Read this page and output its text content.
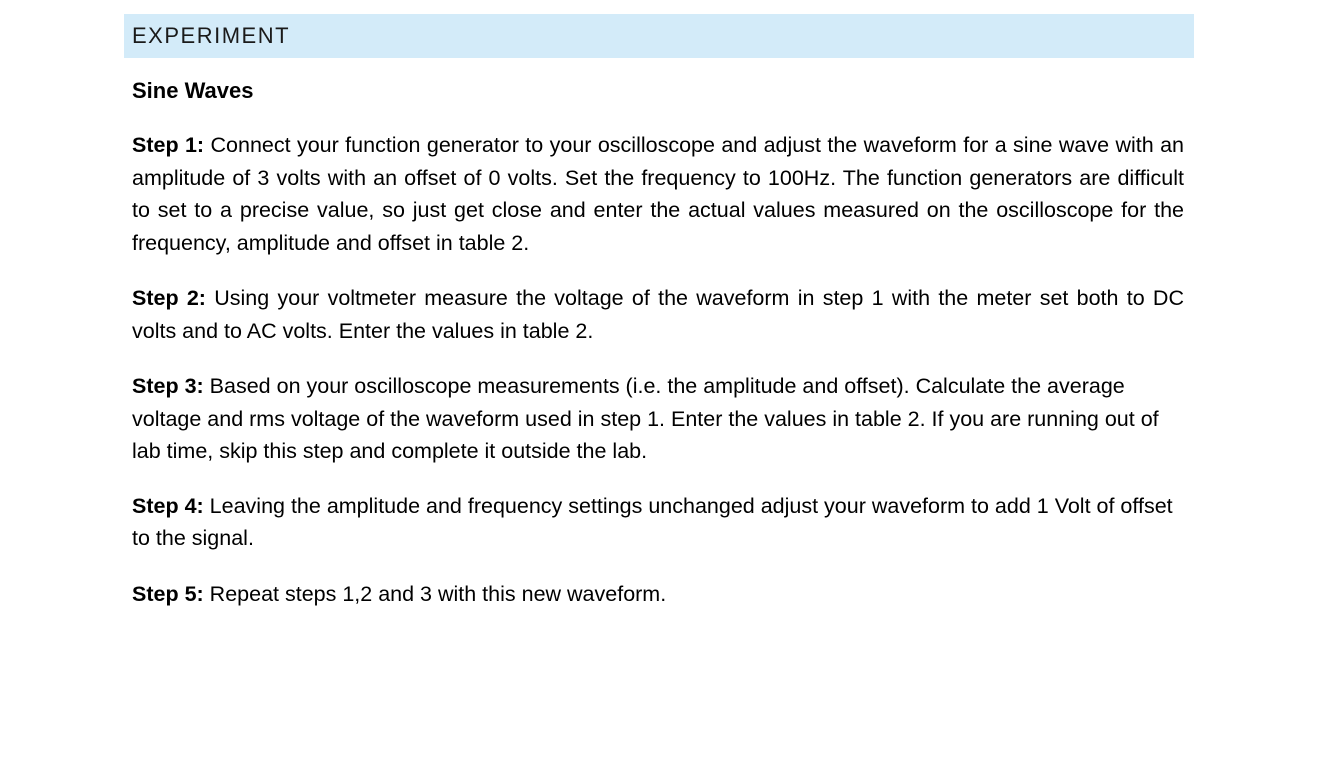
EXPERIMENT

Sine Waves

Step 1: Connect your function generator to your oscilloscope and adjust the waveform for a sine wave with an amplitude of 3 volts with an offset of 0 volts. Set the frequency to 100Hz. The function generators are difficult to set to a precise value, so just get close and enter the actual values measured on the oscilloscope for the frequency, amplitude and offset in table 2.

Step 2: Using your voltmeter measure the voltage of the waveform in step 1 with the meter set both to DC volts and to AC volts. Enter the values in table 2.

Step 3: Based on your oscilloscope measurements (i.e. the amplitude and offset). Calculate the average voltage and rms voltage of the waveform used in step 1. Enter the values in table 2. If you are running out of lab time, skip this step and complete it outside the lab.

Step 4: Leaving the amplitude and frequency settings unchanged adjust your waveform to add 1 Volt of offset to the signal.

Step 5: Repeat steps 1,2 and 3 with this new waveform.
